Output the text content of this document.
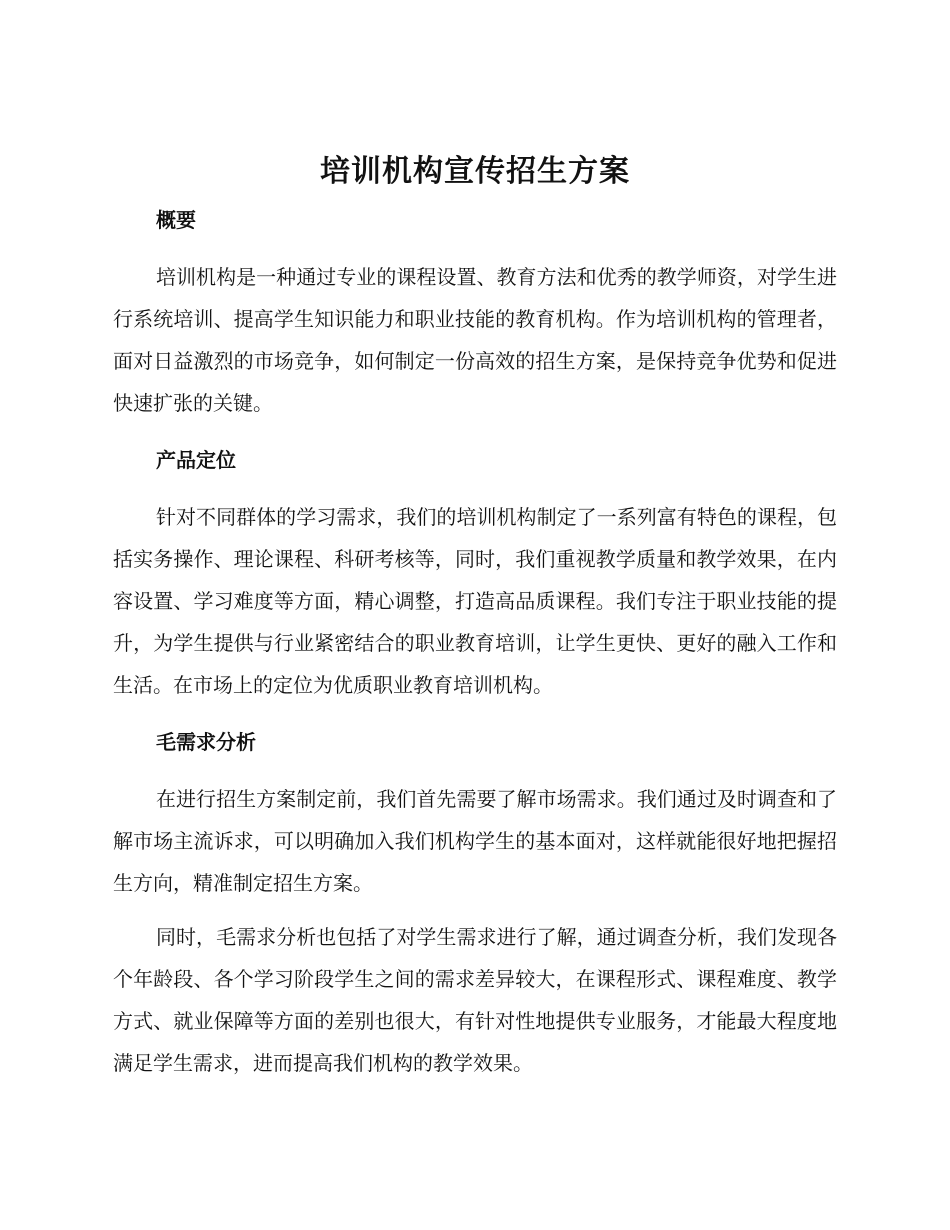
培训机构宣传招生方案
概要

培训机构是一种通过专业的课程设置、教育方法和优秀的教学师资，对学生进行系统培训、提高学生知识能力和职业技能的教育机构。作为培训机构的管理者，面对日益激烈的市场竞争，如何制定一份高效的招生方案，是保持竞争优势和促进快速扩张的关键。

产品定位

针对不同群体的学习需求，我们的培训机构制定了一系列富有特色的课程，包括实务操作、理论课程、科研考核等，同时，我们重视教学质量和教学效果，在内容设置、学习难度等方面，精心调整，打造高品质课程。我们专注于职业技能的提升，为学生提供与行业紧密结合的职业教育培训，让学生更快、更好的融入工作和生活。在市场上的定位为优质职业教育培训机构。

毛需求分析

在进行招生方案制定前，我们首先需要了解市场需求。我们通过及时调查和了解市场主流诉求，可以明确加入我们机构学生的基本面对，这样就能很好地把握招生方向，精准制定招生方案。

同时，毛需求分析也包括了对学生需求进行了解，通过调查分析，我们发现各个年龄段、各个学习阶段学生之间的需求差异较大，在课程形式、课程难度、教学方式、就业保障等方面的差别也很大，有针对性地提供专业服务，才能最大程度地满足学生需求，进而提高我们机构的教学效果。
